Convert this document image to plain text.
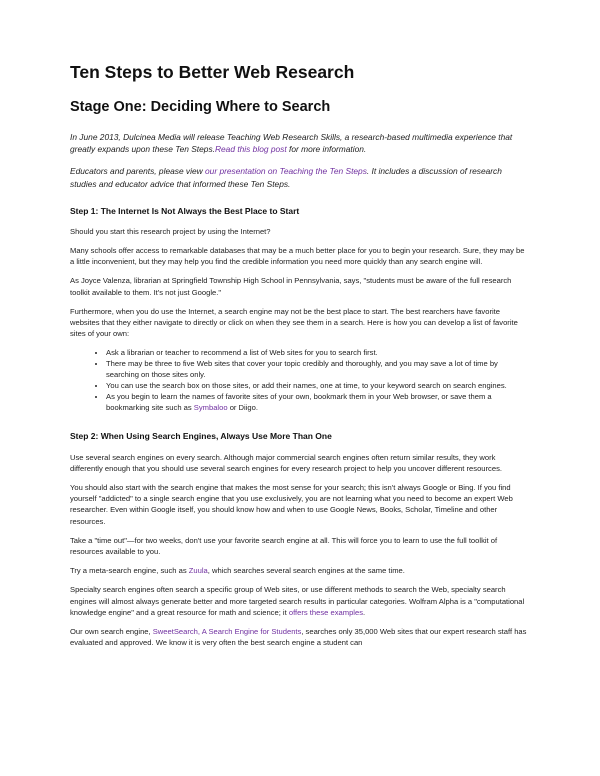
Ten Steps to Better Web Research
Stage One: Deciding Where to Search

In June 2013, Dulcinea Media will release Teaching Web Research Skills, a research-based multimedia experience that greatly expands upon these Ten Steps.Read this blog post for more information.

Educators and parents, please view our presentation on Teaching the Ten Steps. It includes a discussion of research studies and educator advice that informed these Ten Steps.

Step 1: The Internet Is Not Always the Best Place to Start

Should you start this research project by using the Internet?

Many schools offer access to remarkable databases that may be a much better place for you to begin your research. Sure, they may be a little inconvenient, but they may help you find the credible information you need more quickly than any search engine will.

As Joyce Valenza, librarian at Springfield Township High School in Pennsylvania, says, "students must be aware of the full research toolkit available to them. It's not just Google."

Furthermore, when you do use the Internet, a search engine may not be the best place to start. The best rearchers have favorite websites that they either navigate to directly or click on when they see them in a search. Here is how you can develop a list of favorite sites of your own:

• Ask a librarian or teacher to recommend a list of Web sites for you to search first.
• There may be three to five Web sites that cover your topic credibly and thoroughly, and you may save a lot of time by searching on those sites only.
• You can use the search box on those sites, or add their names, one at time, to your keyword search on search engines.
• As you begin to learn the names of favorite sites of your own, bookmark them in your Web browser, or save them a bookmarking site such as Symbaloo or Diigo.
Step 2: When Using Search Engines, Always Use More Than One

Use several search engines on every search. Although major commercial search engines often return similar results, they work differently enough that you should use several search engines for every research project to help you uncover different resources.

You should also start with the search engine that makes the most sense for your search; this isn't always Google or Bing. If you find yourself "addicted" to a single search engine that you use exclusively, you are not learning what you need to become an expert Web researcher. Even within Google itself, you should know how and when to use Google News, Books, Scholar, Timeline and other resources.

Take a "time out"—for two weeks, don't use your favorite search engine at all. This will force you to learn to use the full toolkit of resources available to you.

Try a meta-search engine, such as Zuula, which searches several search engines at the same time.

Specialty search engines often search a specific group of Web sites, or use different methods to search the Web, specialty search engines will almost always generate better and more targeted search results in particular categories. Wolfram Alpha is a "computational knowledge engine" and a great resource for math and science; it offers these examples.

Our own search engine, SweetSearch, A Search Engine for Students, searches only 35,000 Web sites that our expert research staff has evaluated and approved. We know it is very often the best search engine a student can
